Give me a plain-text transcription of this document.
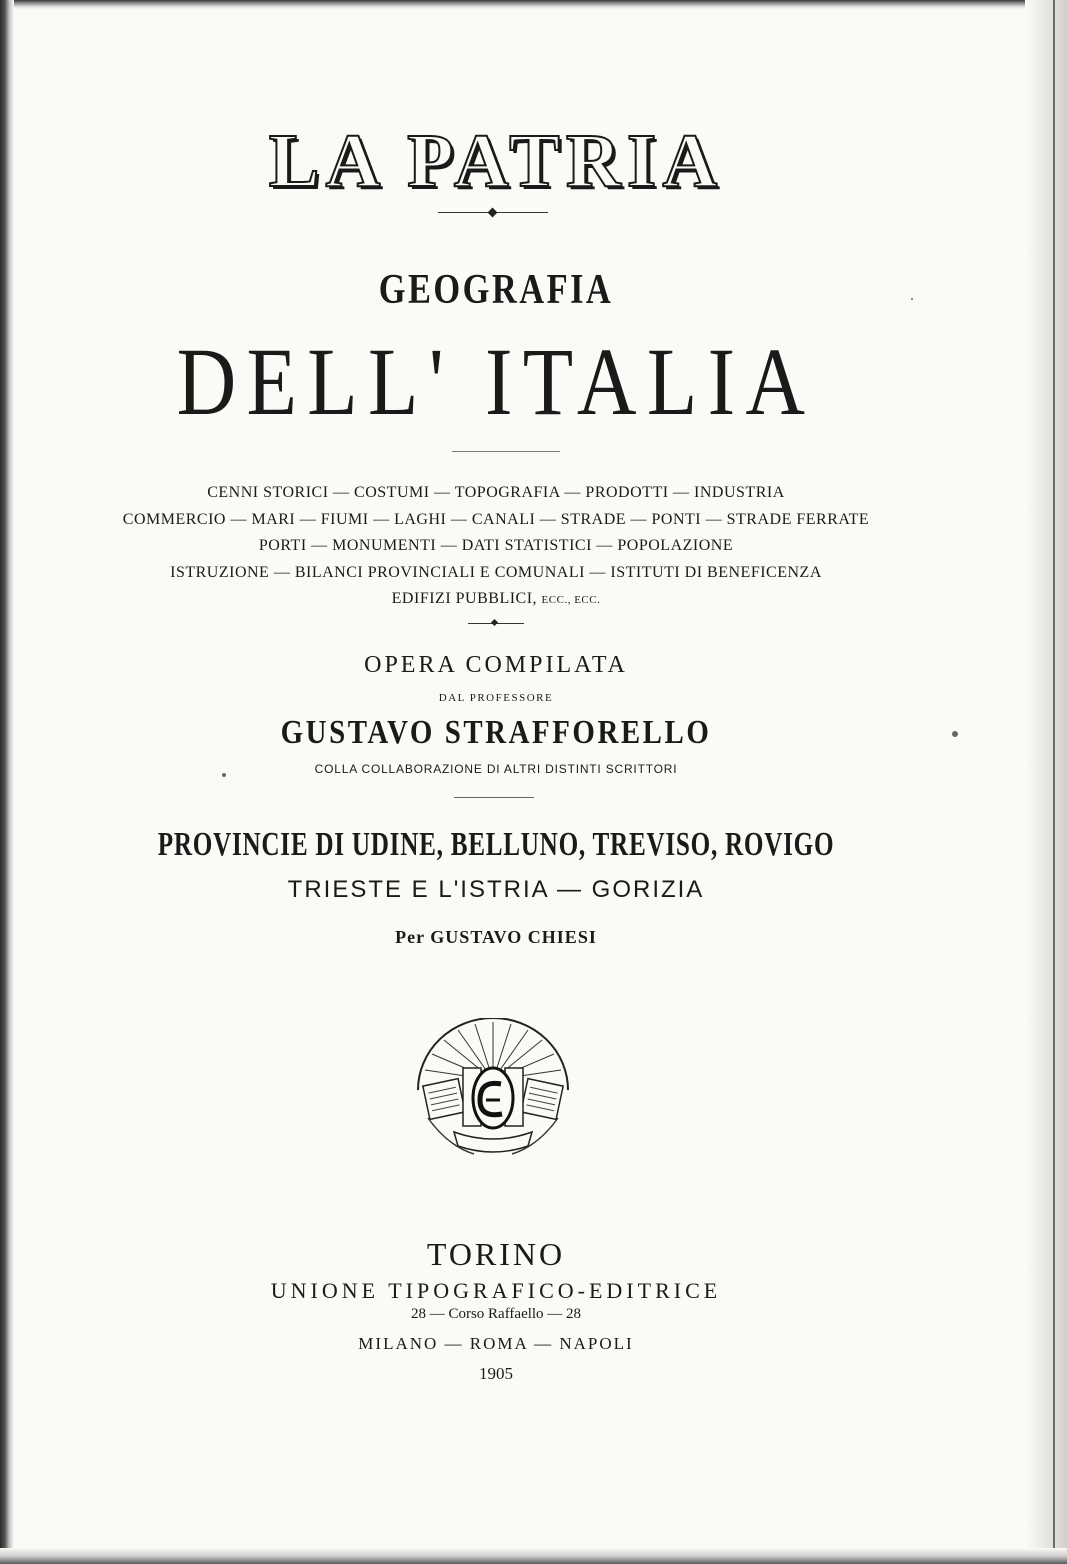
LA PATRIA
GEOGRAFIA
DELL' ITALIA
CENNI STORICI — COSTUMI — TOPOGRAFIA — PRODOTTI — INDUSTRIA
COMMERCIO — MARI — FIUMI — LAGHI — CANALI — STRADE — PONTI — STRADE FERRATE
PORTI — MONUMENTI — DATI STATISTICI — POPOLAZIONE
ISTRUZIONE — BILANCI PROVINCIALI E COMUNALI — ISTITUTI DI BENEFICENZA
EDIFIZI PUBBLICI, ECC., ECC.
OPERA COMPILATA
DAL PROFESSORE
GUSTAVO STRAFFORELLO
COLLA COLLABORAZIONE DI ALTRI DISTINTI SCRITTORI
PROVINCIE DI UDINE, BELLUNO, TREVISO, ROVIGO
TRIESTE E L'ISTRIA — GORIZIA
Per GUSTAVO CHIESI
TORINO
UNIONE TIPOGRAFICO-EDITRICE
28 — Corso Raffaello — 28
MILANO — ROMA — NAPOLI
1905
